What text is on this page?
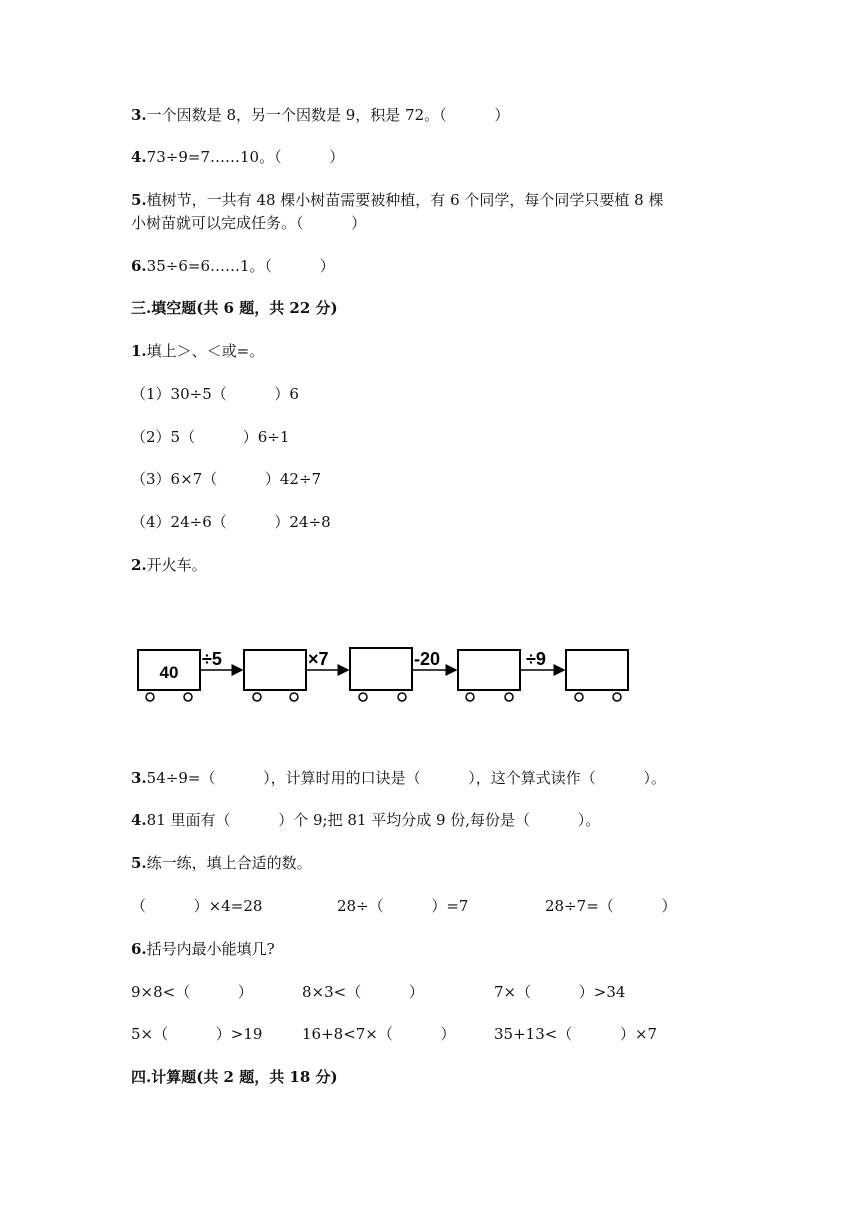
3.一个因数是 8，另一个因数是 9，积是 72。（          ）
4.73÷9=7……10。（          ）
5.植树节，一共有 48 棵小树苗需要被种植，有 6 个同学，每个同学只要植 8 棵
小树苗就可以完成任务。（          ）
6.35÷6=6……1。（          ）
三.填空题(共 6 题，共 22 分)
1.填上＞、＜或=。
（1）30÷5（          ）6
（2）5（          ）6÷1
（3）6×7（          ）42÷7
（4）24÷6（          ）24÷8
2.开火车。
40
÷5	×7	-20	÷9
3.54÷9=（          ），计算时用的口诀是（          ），这个算式读作（          ）。
4.81 里面有（          ）个 9;把 81 平均分成 9 份,每份是（          ）。
5.练一练，填上合适的数。
（          ）×4=28	28÷（          ）=7	28÷7=（          ）
6.括号内最小能填几?
9×8<（          ）	8×3<（          ）	7×（          ）>34
5×（          ）>19	16+8<7×（          ）	35+13<（          ）×7
四.计算题(共 2 题，共 18 分)
